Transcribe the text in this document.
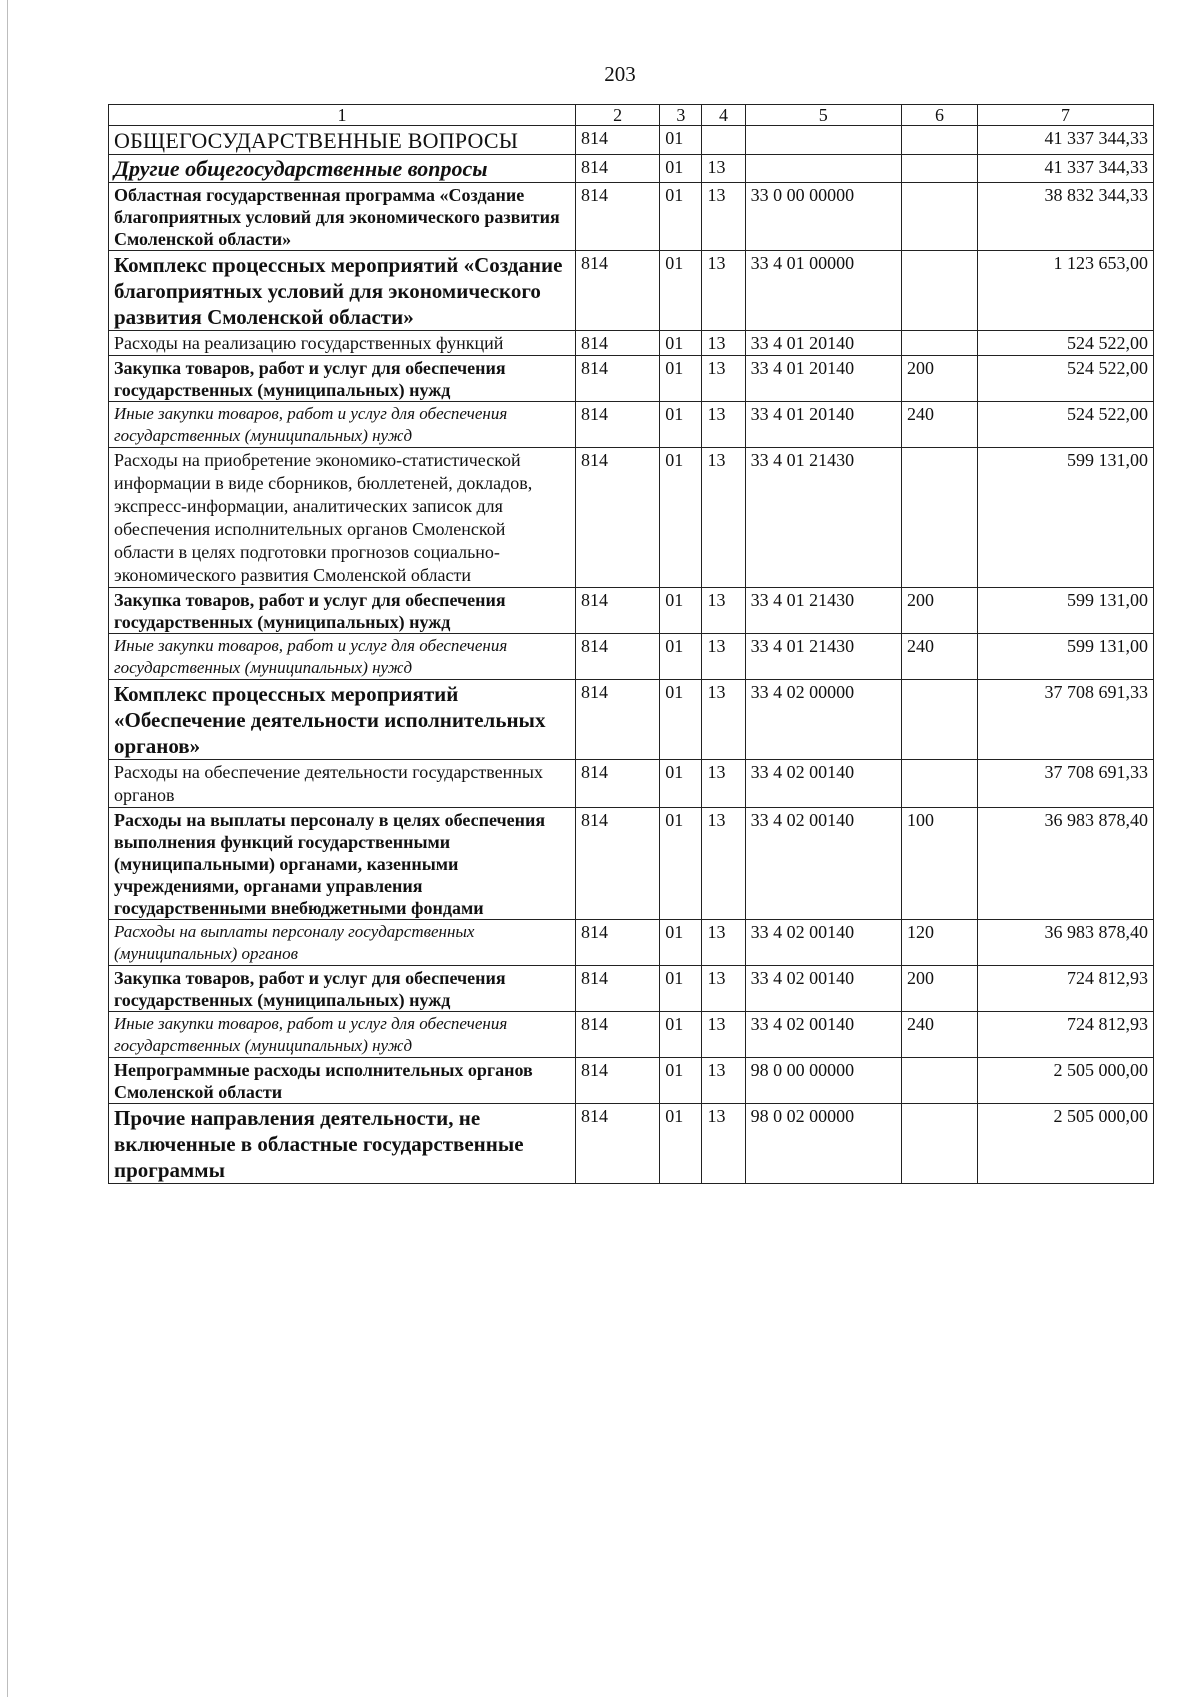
203
1	2	3	4	5	6	7
ОБЩЕГОСУДАРСТВЕННЫЕ ВОПРОСЫ	814	01				41 337 344,33
Другие общегосударственные вопросы	814	01	13			41 337 344,33
Областная государственная программа «Создание благоприятных условий для экономического развития Смоленской области»	814	01	13	33 0 00 00000		38 832 344,33
Комплекс процессных мероприятий «Создание благоприятных условий для экономического развития Смоленской области»	814	01	13	33 4 01 00000		1 123 653,00
Расходы на реализацию государственных функций	814	01	13	33 4 01 20140		524 522,00
Закупка товаров, работ и услуг для обеспечения государственных (муниципальных) нужд	814	01	13	33 4 01 20140	200	524 522,00
Иные закупки товаров, работ и услуг для обеспечения государственных (муниципальных) нужд	814	01	13	33 4 01 20140	240	524 522,00
Расходы на приобретение экономико-статистической информации в виде сборников, бюллетеней, докладов, экспресс-информации, аналитических записок для обеспечения исполнительных органов Смоленской области в целях подготовки прогнозов социально-экономического развития Смоленской области	814	01	13	33 4 01 21430		599 131,00
Закупка товаров, работ и услуг для обеспечения государственных (муниципальных) нужд	814	01	13	33 4 01 21430	200	599 131,00
Иные закупки товаров, работ и услуг для обеспечения государственных (муниципальных) нужд	814	01	13	33 4 01 21430	240	599 131,00
Комплекс процессных мероприятий «Обеспечение деятельности исполнительных органов»	814	01	13	33 4 02 00000		37 708 691,33
Расходы на обеспечение деятельности государственных органов	814	01	13	33 4 02 00140		37 708 691,33
Расходы на выплаты персоналу в целях обеспечения выполнения функций государственными (муниципальными) органами, казенными учреждениями, органами управления государственными внебюджетными фондами	814	01	13	33 4 02 00140	100	36 983 878,40
Расходы на выплаты персоналу государственных (муниципальных) органов	814	01	13	33 4 02 00140	120	36 983 878,40
Закупка товаров, работ и услуг для обеспечения государственных (муниципальных) нужд	814	01	13	33 4 02 00140	200	724 812,93
Иные закупки товаров, работ и услуг для обеспечения государственных (муниципальных) нужд	814	01	13	33 4 02 00140	240	724 812,93
Непрограммные расходы исполнительных органов Смоленской области	814	01	13	98 0 00 00000		2 505 000,00
Прочие направления деятельности, не включенные в областные государственные программы	814	01	13	98 0 02 00000		2 505 000,00
